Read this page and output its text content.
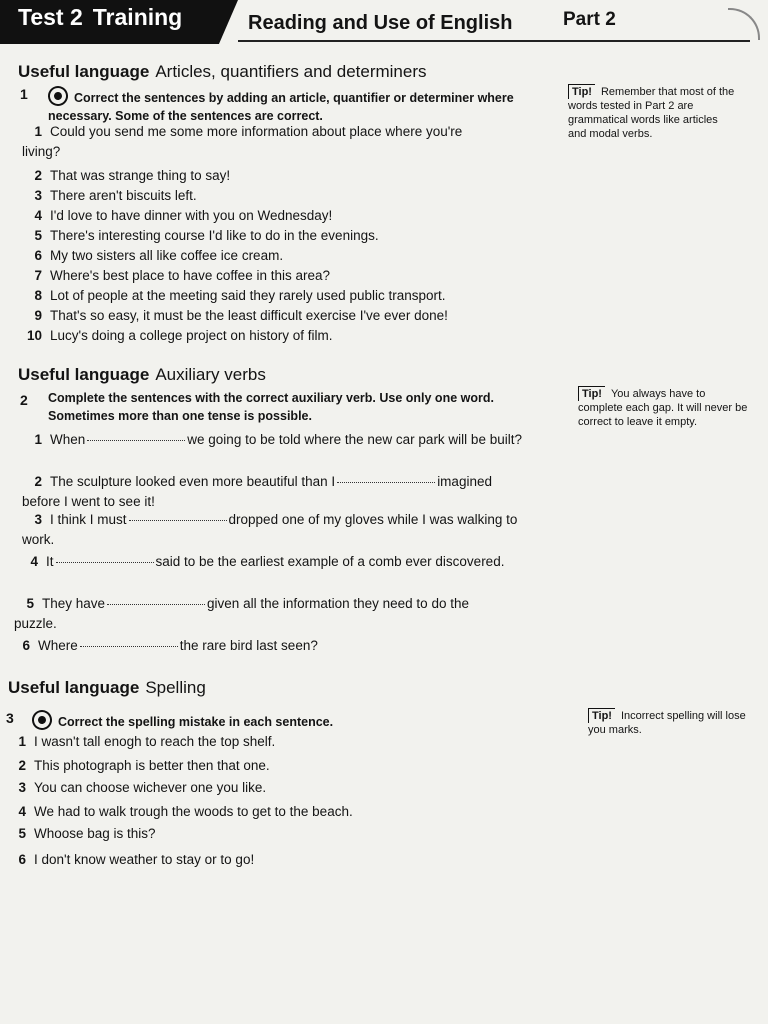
Test 2 Training	Reading and Use of English	Part 2
Useful language Articles, quantifiers and determiners
1	Correct the sentences by adding an article, quantifier or determiner where necessary. Some of the sentences are correct.
1 Could you send me some more information about place where you're living?
2 That was strange thing to say!
3 There aren't biscuits left.
4 I'd love to have dinner with you on Wednesday!
5 There's interesting course I'd like to do in the evenings.
6 My two sisters all like coffee ice cream.
7 Where's best place to have coffee in this area?
8 Lot of people at the meeting said they rarely used public transport.
9 That's so easy, it must be the least difficult exercise I've ever done!
10 Lucy's doing a college project on history of film.
Tip! Remember that most of the words tested in Part 2 are grammatical words like articles and modal verbs.
Useful language Auxiliary verbs
2 Complete the sentences with the correct auxiliary verb. Use only one word. Sometimes more than one tense is possible.
1 When	we going to be told where the new car park will be built?
2 The sculpture looked even more beautiful than I	imagined before I went to see it!
3 I think I must	dropped one of my gloves while I was walking to work.
4 It	said to be the earliest example of a comb ever discovered.
5 They have	given all the information they need to do the puzzle.
6 Where	the rare bird last seen?
Tip! You always have to complete each gap. It will never be correct to leave it empty.
Useful language Spelling
3	Correct the spelling mistake in each sentence.
1 I wasn't tall enogh to reach the top shelf.
2 This photograph is better then that one.
3 You can choose wichever one you like.
4 We had to walk trough the woods to get to the beach.
5 Whoose bag is this?
6 I don't know weather to stay or to go!
Tip! Incorrect spelling will lose you marks.
